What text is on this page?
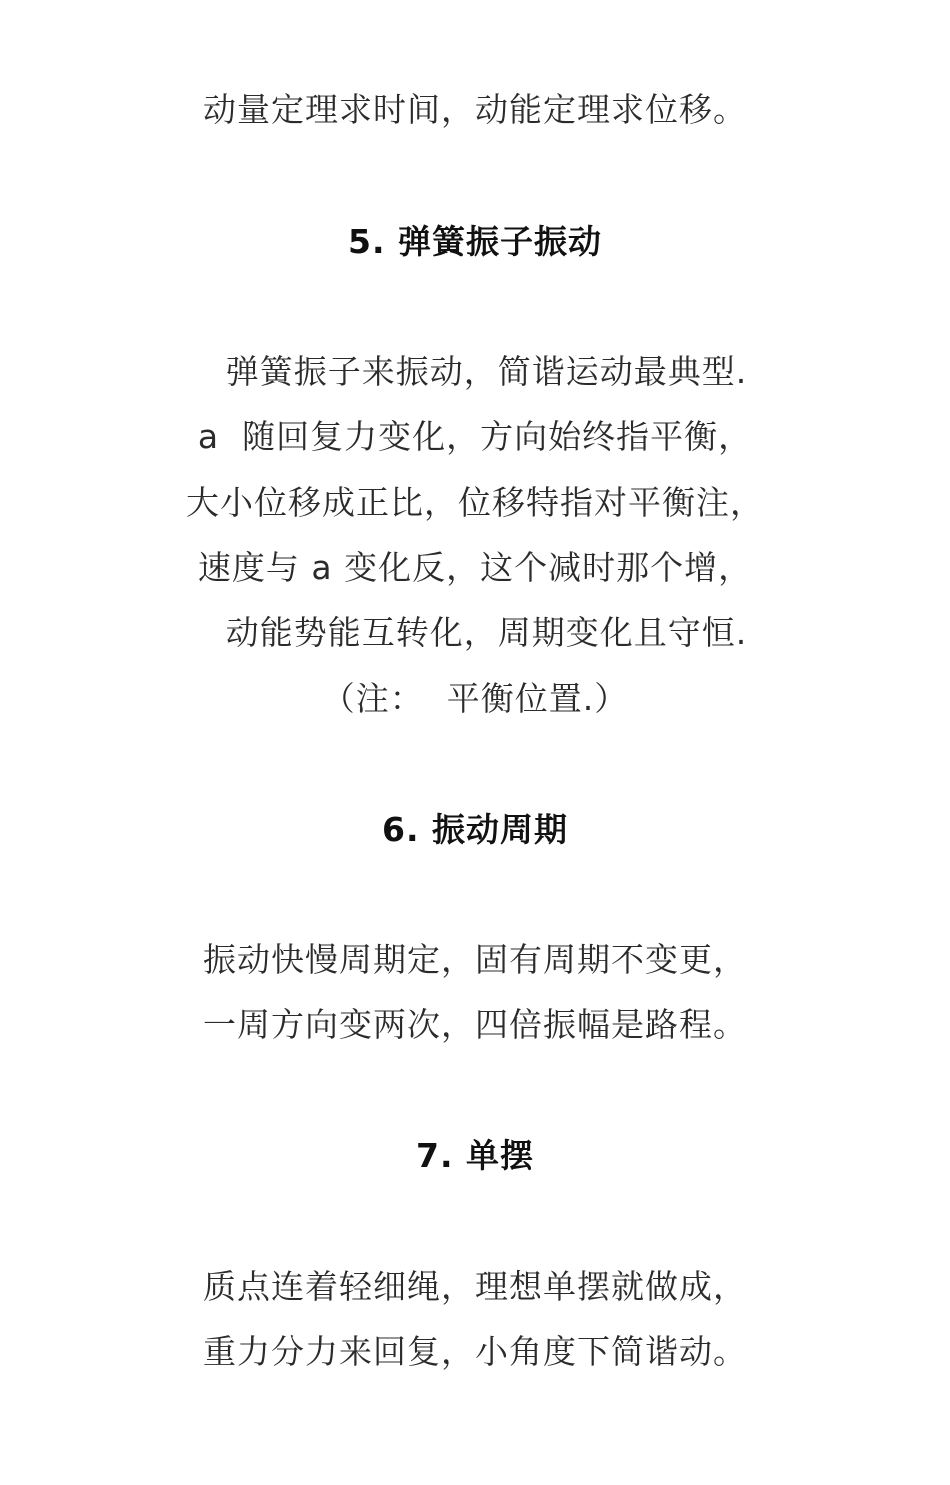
动量定理求时间，动能定理求位移。
5. 弹簧振子振动
弹簧振子来振动，简谐运动最典型.
a  随回复力变化，方向始终指平衡，
大小位移成正比，位移特指对平衡注，
速度与 a 变化反，这个减时那个增，
动能势能互转化，周期变化且守恒.
（注：  平衡位置.）
6. 振动周期
振动快慢周期定，固有周期不变更，
一周方向变两次，四倍振幅是路程。
7. 单摆
质点连着轻细绳，理想单摆就做成，
重力分力来回复，小角度下简谐动。
